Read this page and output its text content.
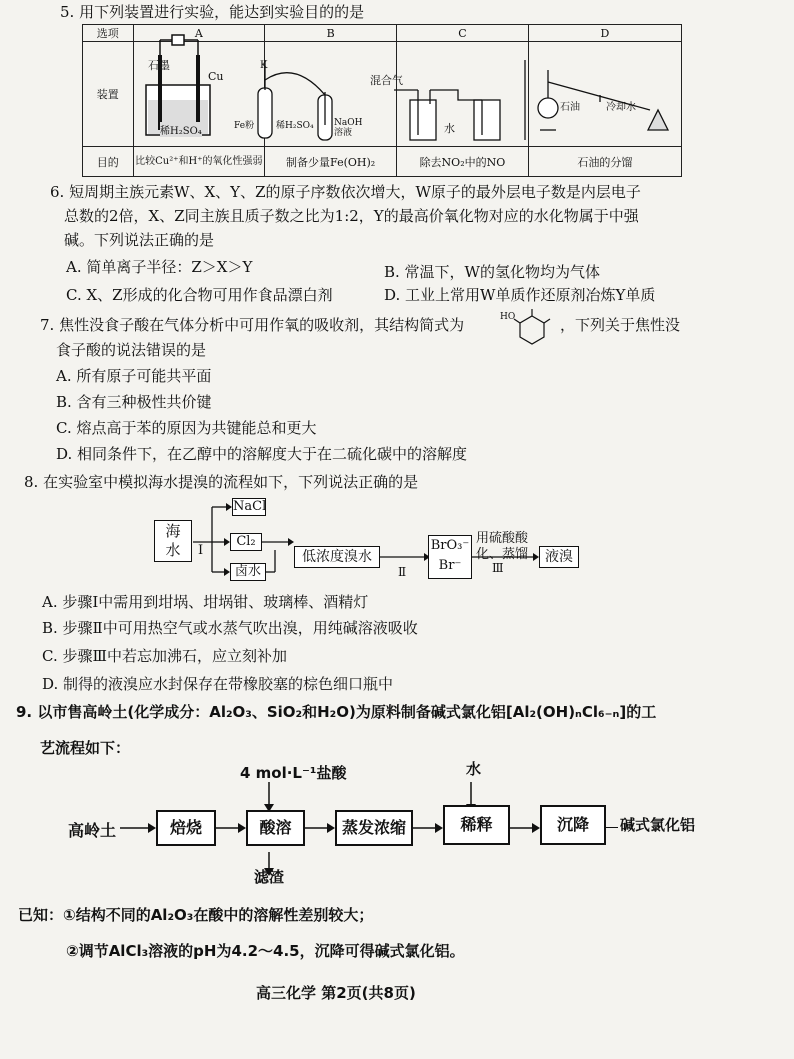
5. 用下列装置进行实验，能达到实验目的的是
选项	A	B	C	D
装置				
目的	比较Cu²⁺和H⁺的氧化性强弱	制备少量Fe(OH)₂	除去NO₂中的NO	石油的分馏
石墨
Cu
稀H₂SO₄
K
Fe粉 稀H₂SO₄ NaOH溶液
混合气
水
石油	冷却水
6. 短周期主族元素W、X、Y、Z的原子序数依次增大，W原子的最外层电子数是内层电子
总数的2倍，X、Z同主族且质子数之比为1:2，Y的最高价氧化物对应的水化物属于中强
碱。下列说法正确的是
A. 简单离子半径：Z＞X＞Y	B. 常温下，W的氢化物均为气体
C. X、Z形成的化合物可用作食品漂白剂	D. 工业上常用W单质作还原剂冶炼Y单质
7. 焦性没食子酸在气体分析中可用作氧的吸收剂，其结构简式为	HO	，下列关于焦性没
食子酸的说法错误的是
A. 所有原子可能共平面
B. 含有三种极性共价键
C. 熔点高于苯的原因为共键能总和更大
D. 相同条件下，在乙醇中的溶解度大于在二硫化碳中的溶解度
8. 在实验室中模拟海水提溴的流程如下，下列说法正确的是
海
水	Ⅰ
NaCl
Cl₂
卤水
低浓度溴水
Ⅱ
BrO₃⁻
Br⁻
用硫酸酸
化、蒸馏
Ⅲ
液溴
A. 步骤Ⅰ中需用到坩埚、坩埚钳、玻璃棒、酒精灯
B. 步骤Ⅱ中可用热空气或水蒸气吹出溴，用纯碱溶液吸收
C. 步骤Ⅲ中若忘加沸石，应立刻补加
D. 制得的液溴应水封保存在带橡胶塞的棕色细口瓶中
9. 以市售高岭土(化学成分：Al₂O₃、SiO₂和H₂O)为原料制备碱式氯化铝[Al₂(OH)ₙCl₆₋ₙ]的工
艺流程如下：
4 mol·L⁻¹盐酸	水
高岭土	焙烧	酸溶	蒸发浓缩	稀释	沉降	碱式氯化铝
滤渣
已知：①结构不同的Al₂O₃在酸中的溶解性差别较大；
②调节AlCl₃溶液的pH为4.2～4.5，沉降可得碱式氯化铝。
高三化学 第2页(共8页)
